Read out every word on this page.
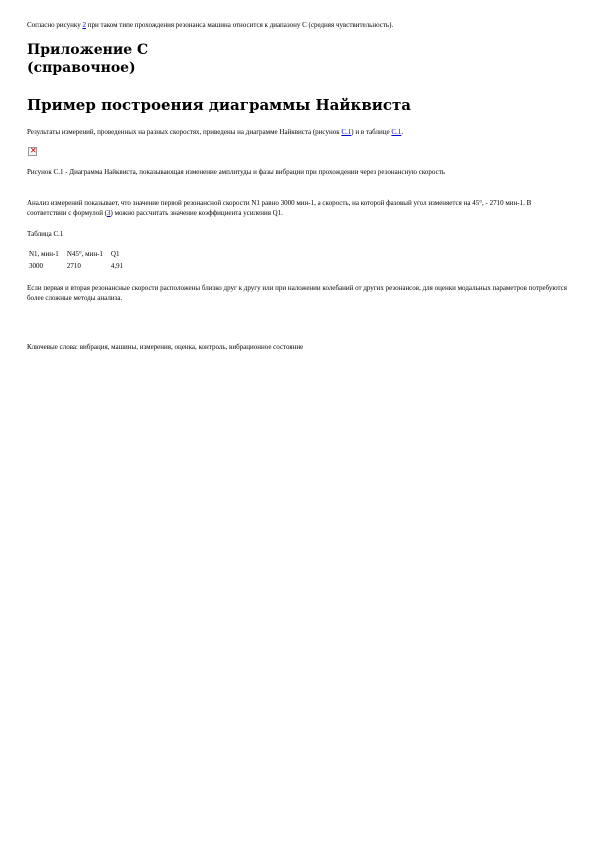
Согласно рисунку 2 при таком типе прохождения резонанса машина относится к диапазону С (средняя чувствительность).
Приложение С
(справочное)
Пример построения диаграммы Найквиста
Результаты измерений, проведенных на разных скоростях, приведены на диаграмме Найквиста (рисунок С.1) и в таблице С.1.
✕
Рисунок С.1 - Диаграмма Найквиста, показывающая изменение амплитуды и фазы вибрации при прохождении через резонансную скорость
Анализ измерений показывает, что значение первой резонансной скорости N1 равно 3000 мин-1, а скорость, на которой фазовый угол изменяется на 45°, - 2710 мин-1. В соответствии с формулой (3) можно рассчитать значение коэффициента усиления Q1.
Таблица С.1
N1, мин-1	N45°, мин-1	Q1
3000	2710	4,91
Если первая и вторая резонансные скорости расположены близко друг к другу или при наложении колебаний от других резонансов, для оценки модальных параметров потребуются более сложные методы анализа.
Ключевые слова: вибрация, машины, измерения, оценка, контроль, вибрационное состояние
